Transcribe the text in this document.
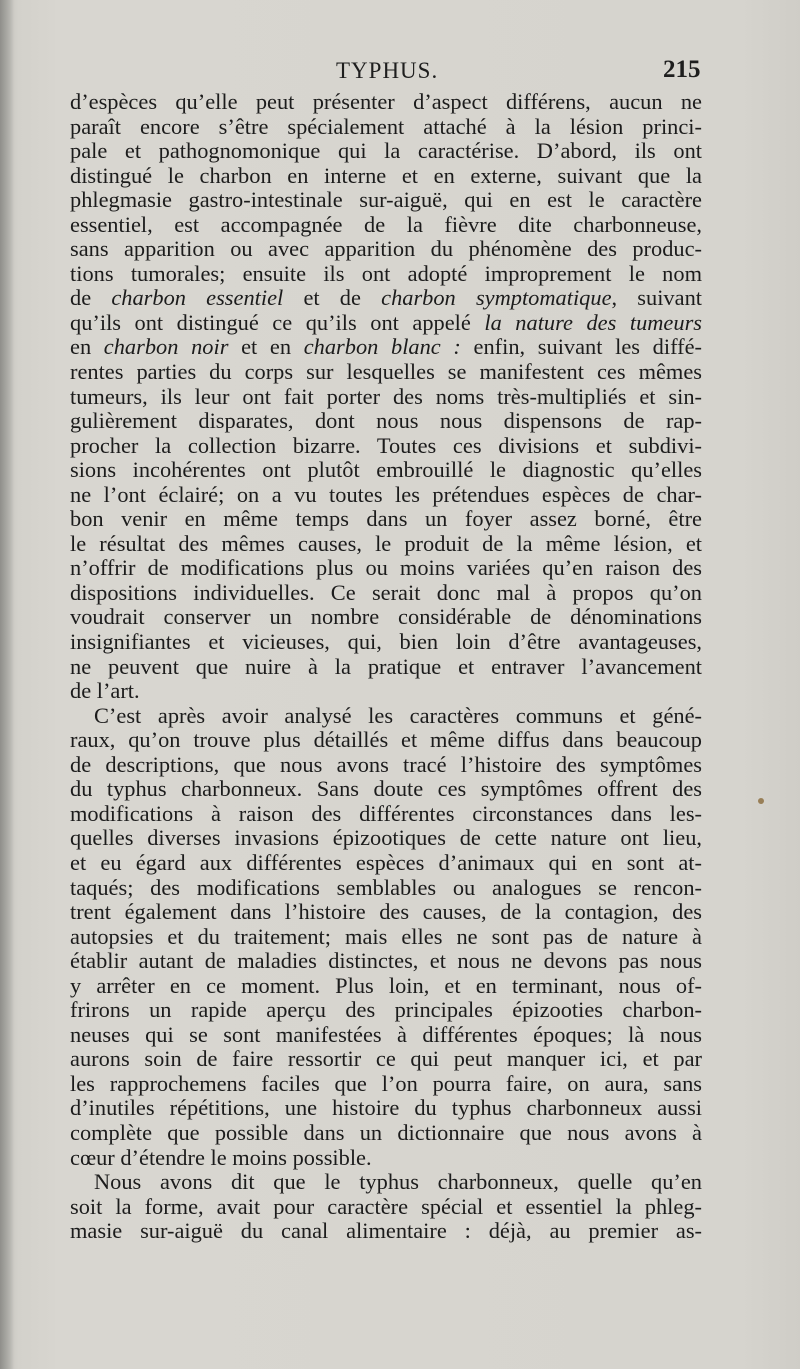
TYPHUS.	215
d’espèces qu’elle peut présenter d’aspect différens, aucun ne
paraît encore s’être spécialement attaché à la lésion princi-
pale et pathognomonique qui la caractérise. D’abord, ils ont
distingué le charbon en interne et en externe, suivant que la
phlegmasie gastro-intestinale sur-aiguë, qui en est le caractère
essentiel, est accompagnée de la fièvre dite charbonneuse,
sans apparition ou avec apparition du phénomène des produc-
tions tumorales; ensuite ils ont adopté improprement le nom
de charbon essentiel et de charbon symptomatique, suivant
qu’ils ont distingué ce qu’ils ont appelé la nature des tumeurs
en charbon noir et en charbon blanc : enfin, suivant les diffé-
rentes parties du corps sur lesquelles se manifestent ces mêmes
tumeurs, ils leur ont fait porter des noms très-multipliés et sin-
gulièrement disparates, dont nous nous dispensons de rap-
procher la collection bizarre. Toutes ces divisions et subdivi-
sions incohérentes ont plutôt embrouillé le diagnostic qu’elles
ne l’ont éclairé; on a vu toutes les prétendues espèces de char-
bon venir en même temps dans un foyer assez borné, être
le résultat des mêmes causes, le produit de la même lésion, et
n’offrir de modifications plus ou moins variées qu’en raison des
dispositions individuelles. Ce serait donc mal à propos qu’on
voudrait conserver un nombre considérable de dénominations
insignifiantes et vicieuses, qui, bien loin d’être avantageuses,
ne peuvent que nuire à la pratique et entraver l’avancement
de l’art.
C’est après avoir analysé les caractères communs et géné-
raux, qu’on trouve plus détaillés et même diffus dans beaucoup
de descriptions, que nous avons tracé l’histoire des symptômes
du typhus charbonneux. Sans doute ces symptômes offrent des
modifications à raison des différentes circonstances dans les-
quelles diverses invasions épizootiques de cette nature ont lieu,
et eu égard aux différentes espèces d’animaux qui en sont at-
taqués; des modifications semblables ou analogues se rencon-
trent également dans l’histoire des causes, de la contagion, des
autopsies et du traitement; mais elles ne sont pas de nature à
établir autant de maladies distinctes, et nous ne devons pas nous
y arrêter en ce moment. Plus loin, et en terminant, nous of-
frirons un rapide aperçu des principales épizooties charbon-
neuses qui se sont manifestées à différentes époques; là nous
aurons soin de faire ressortir ce qui peut manquer ici, et par
les rapprochemens faciles que l’on pourra faire, on aura, sans
d’inutiles répétitions, une histoire du typhus charbonneux aussi
complète que possible dans un dictionnaire que nous avons à
cœur d’étendre le moins possible.
Nous avons dit que le typhus charbonneux, quelle qu’en
soit la forme, avait pour caractère spécial et essentiel la phleg-
masie sur-aiguë du canal alimentaire : déjà, au premier as-
